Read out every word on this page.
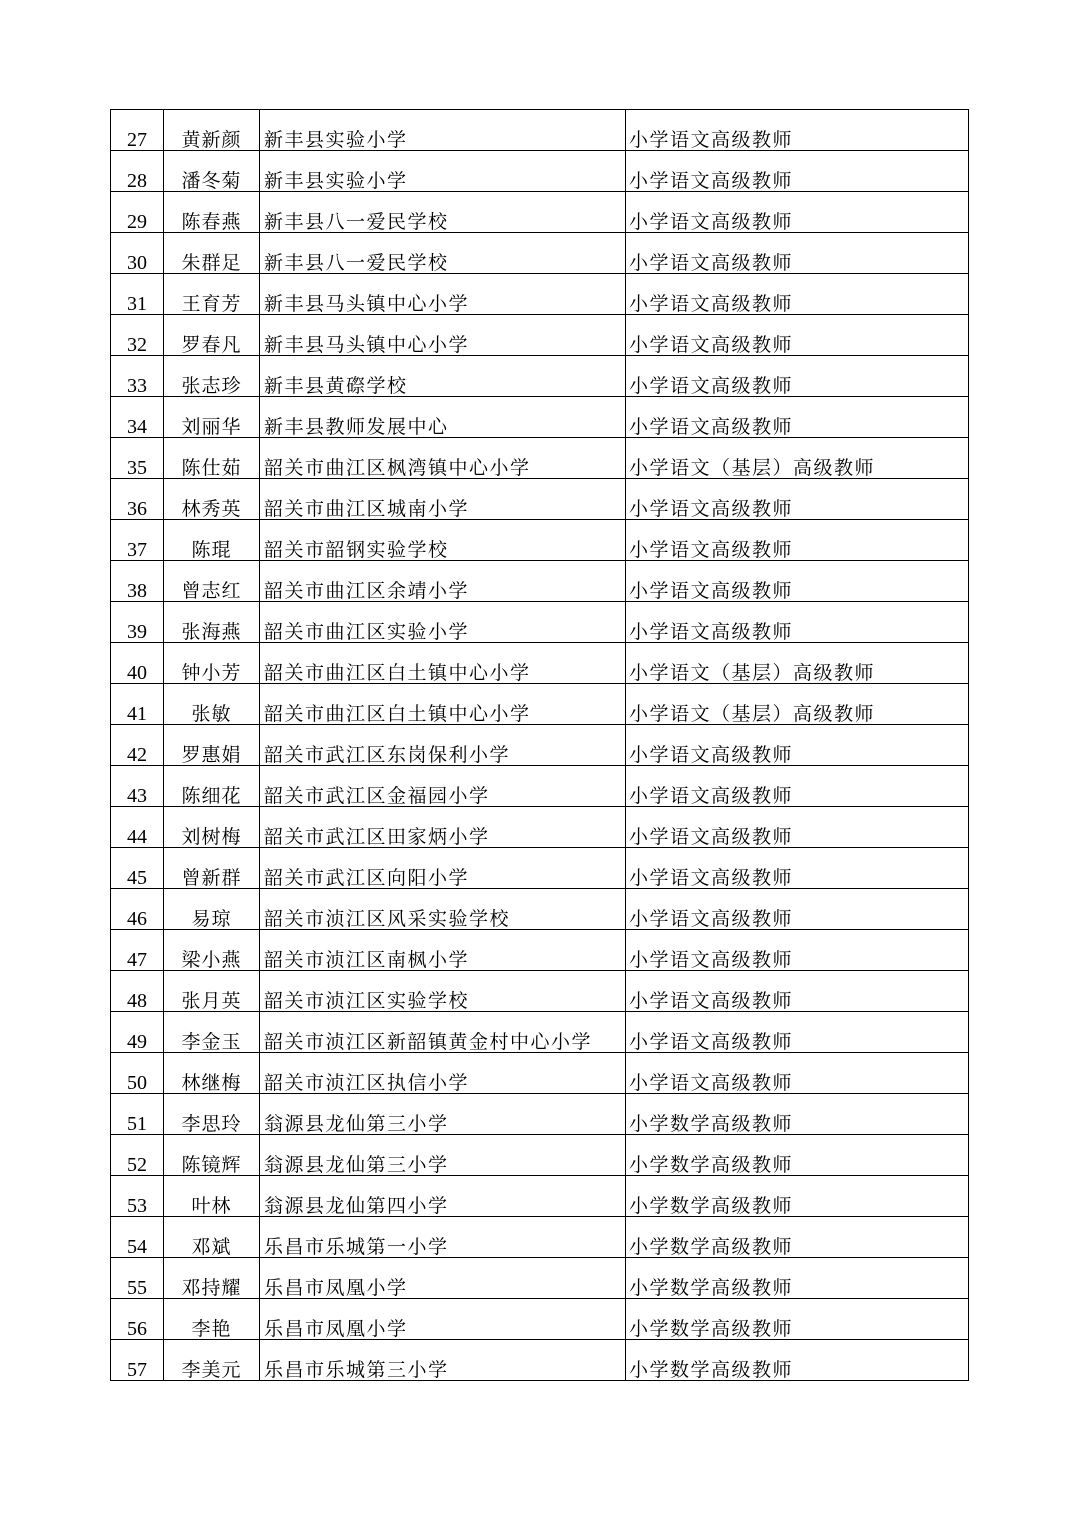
27	黄新颜	新丰县实验小学	小学语文高级教师
28	潘冬菊	新丰县实验小学	小学语文高级教师
29	陈春燕	新丰县八一爱民学校	小学语文高级教师
30	朱群足	新丰县八一爱民学校	小学语文高级教师
31	王育芳	新丰县马头镇中心小学	小学语文高级教师
32	罗春凡	新丰县马头镇中心小学	小学语文高级教师
33	张志珍	新丰县黄磜学校	小学语文高级教师
34	刘丽华	新丰县教师发展中心	小学语文高级教师
35	陈仕茹	韶关市曲江区枫湾镇中心小学	小学语文（基层）高级教师
36	林秀英	韶关市曲江区城南小学	小学语文高级教师
37	陈琨	韶关市韶钢实验学校	小学语文高级教师
38	曾志红	韶关市曲江区余靖小学	小学语文高级教师
39	张海燕	韶关市曲江区实验小学	小学语文高级教师
40	钟小芳	韶关市曲江区白土镇中心小学	小学语文（基层）高级教师
41	张敏	韶关市曲江区白土镇中心小学	小学语文（基层）高级教师
42	罗惠娟	韶关市武江区东岗保利小学	小学语文高级教师
43	陈细花	韶关市武江区金福园小学	小学语文高级教师
44	刘树梅	韶关市武江区田家炳小学	小学语文高级教师
45	曾新群	韶关市武江区向阳小学	小学语文高级教师
46	易琼	韶关市浈江区风采实验学校	小学语文高级教师
47	梁小燕	韶关市浈江区南枫小学	小学语文高级教师
48	张月英	韶关市浈江区实验学校	小学语文高级教师
49	李金玉	韶关市浈江区新韶镇黄金村中心小学	小学语文高级教师
50	林继梅	韶关市浈江区执信小学	小学语文高级教师
51	李思玲	翁源县龙仙第三小学	小学数学高级教师
52	陈镜辉	翁源县龙仙第三小学	小学数学高级教师
53	叶林	翁源县龙仙第四小学	小学数学高级教师
54	邓斌	乐昌市乐城第一小学	小学数学高级教师
55	邓持耀	乐昌市凤凰小学	小学数学高级教师
56	李艳	乐昌市凤凰小学	小学数学高级教师
57	李美元	乐昌市乐城第三小学	小学数学高级教师
